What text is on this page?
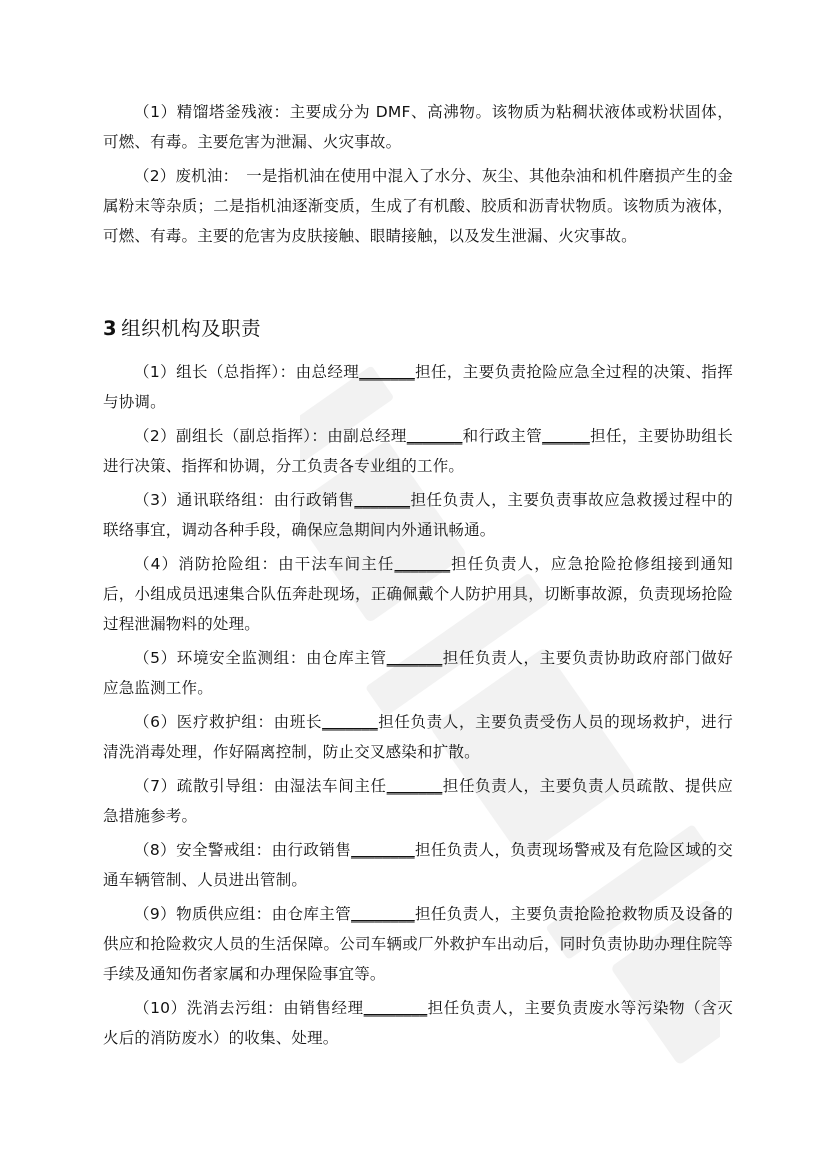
（1）精馏塔釜残液：主要成分为 DMF、高沸物。该物质为粘稠状液体或粉状固体，可燃、有毒。主要危害为泄漏、火灾事故。

（2）废机油：　一是指机油在使用中混入了水分、灰尘、其他杂油和机件磨损产生的金属粉末等杂质；二是指机油逐渐变质，生成了有机酸、胶质和沥青状物质。该物质为液体，可燃、有毒。主要的危害为皮肤接触、眼睛接触，以及发生泄漏、火灾事故。

3 组织机构及职责

（1）组长（总指挥）：由总经理_______担任，主要负责抢险应急全过程的决策、指挥与协调。

（2）副组长（副总指挥）：由副总经理_______和行政主管______担任，主要协助组长进行决策、指挥和协调，分工负责各专业组的工作。

（3）通讯联络组：由行政销售_______担任负责人，主要负责事故应急救援过程中的联络事宜，调动各种手段，确保应急期间内外通讯畅通。

（4）消防抢险组：由干法车间主任_______担任负责人，应急抢险抢修组接到通知后，小组成员迅速集合队伍奔赴现场，正确佩戴个人防护用具，切断事故源，负责现场抢险过程泄漏物料的处理。

（5）环境安全监测组：由仓库主管_______担任负责人，主要负责协助政府部门做好应急监测工作。

（6）医疗救护组：由班长_______担任负责人，主要负责受伤人员的现场救护，进行清洗消毒处理，作好隔离控制，防止交叉感染和扩散。

（7）疏散引导组：由湿法车间主任_______担任负责人，主要负责人员疏散、提供应急措施参考。

（8）安全警戒组：由行政销售________担任负责人，负责现场警戒及有危险区域的交通车辆管制、人员进出管制。

（9）物质供应组：由仓库主管________担任负责人，主要负责抢险抢救物质及设备的供应和抢险救灾人员的生活保障。公司车辆或厂外救护车出动后，同时负责协助办理住院等手续及通知伤者家属和办理保险事宜等。

（10）洗消去污组：由销售经理________担任负责人，主要负责废水等污染物（含灭火后的消防废水）的收集、处理。
